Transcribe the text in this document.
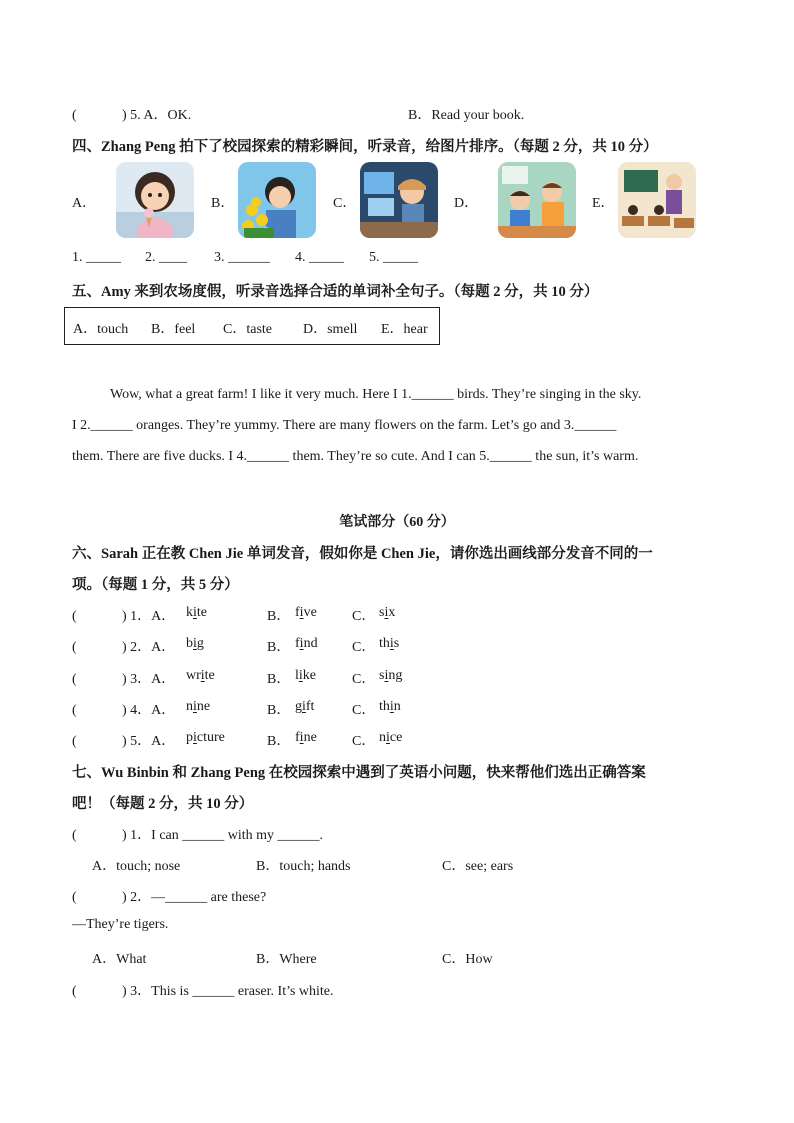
(	) 5. A．OK.	B．Read your book.
四、Zhang Peng 拍下了校园探索的精彩瞬间，听录音，给图片排序。（每题 2 分，共 10 分）
A．	B．	C．	D．	E．
1. _____ 2. ____ 3. ______ 4. _____ 5. _____
五、Amy 来到农场度假，听录音选择合适的单词补全句子。（每题 2 分，共 10 分）
A．touch B．feel C．taste D．smell E．hear
Wow, what a great farm! I like it very much. Here I 1.______ birds. They’re singing in the sky.
I 2.______ oranges. They’re yummy. There are many flowers on the farm. Let’s go and 3.______
them. There are five ducks. I 4.______ them. They’re so cute. And I can 5.______ the sun, it’s warm.
笔试部分（60 分）
六、Sarah 正在教 Chen Jie 单词发音，假如你是 Chen Jie，请你选出画线部分发音不同的一
项。（每题 1 分，共 5 分）
(	) 1．A． kite	B． five	C． six
(	) 2．A． big	B． find C． this
(	) 3．A． write	B． like	C． sing
(	) 4．A． nine	B． gift	C． thin
(	) 5．A． picture	B． fine	C． nice
七、Wu Binbin 和 Zhang Peng 在校园探索中遇到了英语小问题，快来帮他们选出正确答案
吧！（每题 2 分，共 10 分）
(	) 1．I can ______ with my ______.
A．touch; nose	B．touch; hands	C．see; ears
(	) 2．—______ are these?
—They’re tigers.
A．What	B．Where	C．How
(	) 3．This is ______ eraser. It’s white.
